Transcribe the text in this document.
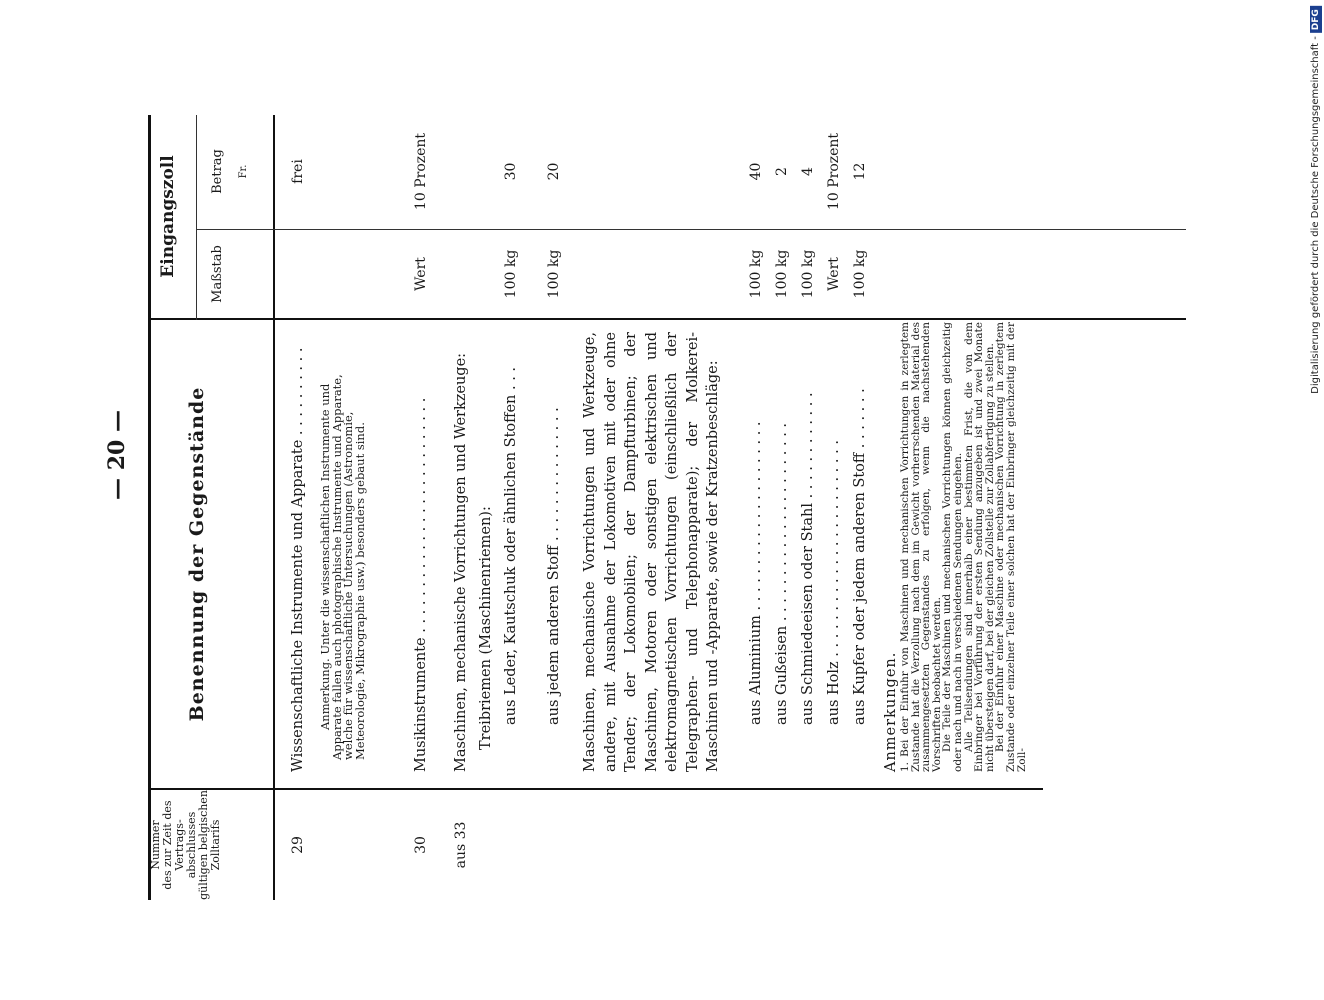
— 20 —
Nummer des zur Zeit des Vertrags- abschlusses gültigen belgischen Zolltarifs
Benennung der Gegenstände
Eingangszoll Maßstab
Betrag Fr.
29
Wissenschaftliche Instrumente und Apparate . . . . . . . . . .
frei
Anmerkung. Unter die wissenschaftlichen Instrumente und Apparate fallen auch photographische Instrumente und Apparate, welche für wissenschaftliche Untersuchungen (Astronomie, Meteorologie, Mikrographie usw.) besonders gebaut sind.
30
Musikinstrumente . . . . . . . . . . . . . . . . . . . . . . . . . .
Wert
10 Prozent
aus 33
Maschinen, mechanische Vorrichtungen und Werkzeuge: Treibriemen (Maschinenriemen): aus Leder, Kautschuk oder ähnlichen Stoffen . . .
100 kg
30
aus jedem anderen Stoff . . . . . . . . . . . . . . .
100 kg
20
Maschinen, mechanische Vorrichtungen und Werkzeuge, andere, mit Ausnahme der Lokomotiven mit oder ohne Tender; der Lokomobilen; der Dampfturbinen; der Maschinen, Motoren oder sonstigen elektrischen und elektromagnetischen Vorrichtungen (einschließlich der Telegraphen- und Telephonapparate); der Molkerei-Maschinen und -Apparate, sowie der Kratzenbeschläge: aus Aluminium . . . . . . . . . . . . . . . . . . . . .
100 kg
40
aus Gußeisen . . . . . . . . . . . . . . . . . . . . . .
100 kg
2
aus Schmiedeeisen oder Stahl . . . . . . . . . . . .
100 kg
4
aus Holz . . . . . . . . . . . . . . . . . . . . . . . .
Wert
10 Prozent
aus Kupfer oder jedem anderen Stoff . . . . . . .
100 kg
12
Anmerkungen. 1. Bei der Einfuhr von Maschinen und mechanischen Vorrichtungen in zerlegtem Zustande hat die Verzollung nach dem im Gewicht vorherrschenden Material des zusammengesetzten Gegenstandes zu erfolgen, wenn die nachstehenden Vorschriften beobachtet werden.
Die Teile der Maschinen und mechanischen Vorrichtungen können gleichzeitig oder nach und nach in verschiedenen Sendungen eingehen.
Alle Teilsendungen sind innerhalb einer bestimmten Frist, die von dem Einbringer bei Vorführung der ersten Sendung anzugeben ist und zwei Monate nicht übersteigen darf, bei der gleichen Zollstelle zur Zollabfertigung zu stellen.
Bei der Einfuhr einer Maschine oder mechanischen Vorrichtung in zerlegtem Zustande oder einzelner Teile einer solchen hat der Einbringer gleichzeitig mit der Zoll-
Digitalisierung gefördert durch die Deutsche Forschungsgemeinschaft -DFG
